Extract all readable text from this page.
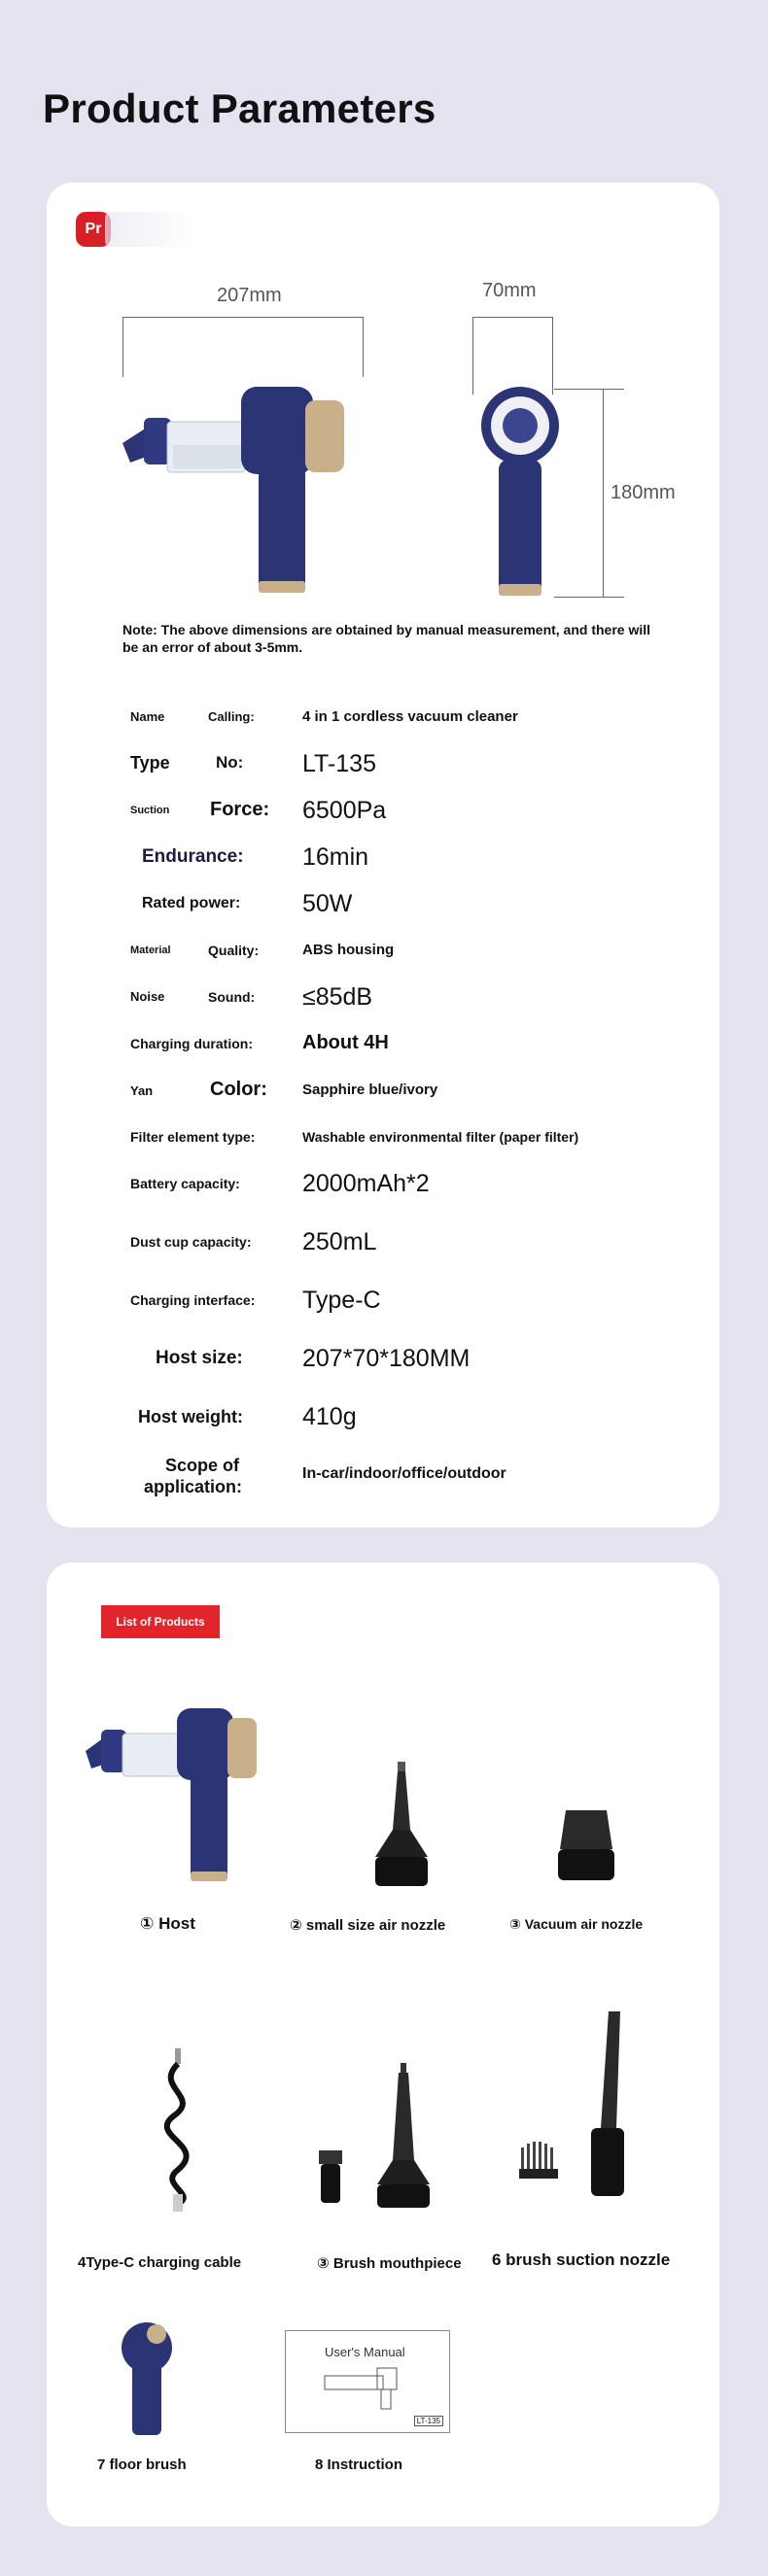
Product Parameters
Pr
207mm	70mm
180mm
Note: The above dimensions are obtained by manual measurement, and there will be an error of about 3-5mm.
Name	Calling:	4 in 1 cordless vacuum cleaner
Type	No: LT-135
Suction Force: 6500Pa
Endurance: 16min
Rated power:	50W
Material	Quality:	ABS housing
Noise	Sound: ≤85dB
Charging duration:	About 4H
Yan	Color: Sapphire blue/ivory
Filter element type:	Washable environmental filter (paper filter)
Battery capacity:	2000mAh*2
Dust cup capacity: 250mL
Charging interface: Type-C
Host size: 207*70*180MM
Host weight: 410g
Scope of
application:
In-car/indoor/office/outdoor
List of Products
① Host	② small size air nozzle	③ Vacuum air nozzle
4Type-C charging cable	③ Brush mouthpiece 6 brush suction nozzle
7 floor brush
User's Manual
LT-135
8 Instruction
